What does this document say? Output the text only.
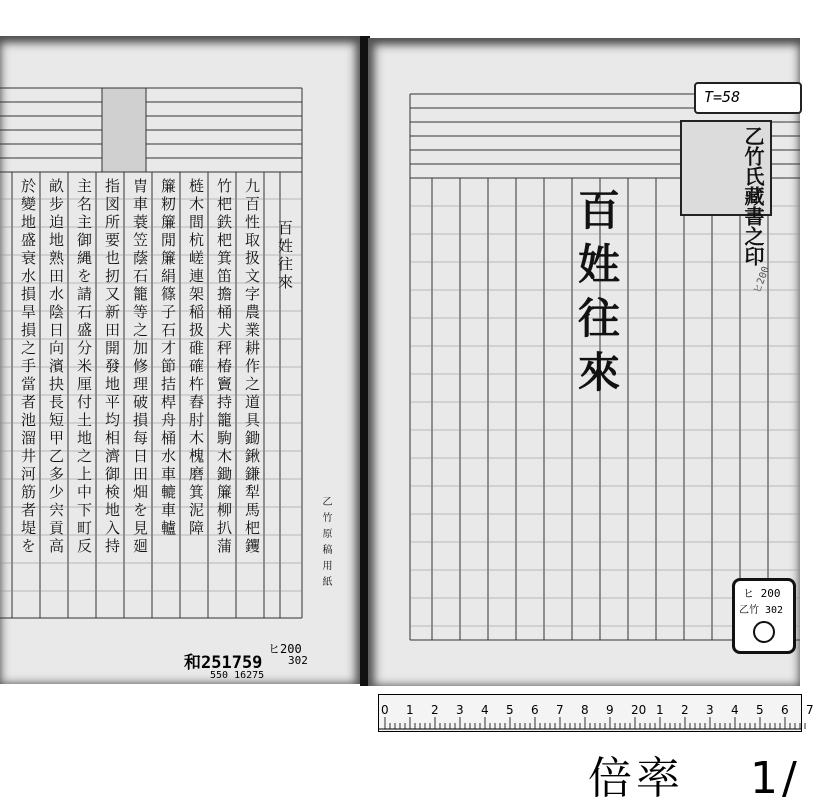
百姓往來
九百性取扱文字農業耕作之道具鋤鍬鎌犁馬杷钁
竹杷鉄杷箕笛擔桶犬秤椿竇持籠駒木鋤簾柳扒蒲
梿木間杭嵯連架稲扱碓確杵舂肘木槐磨箕泥障
簾籾簾閒簾絹篠子石才節拮桿舟桶水車轆車轤
胄車蓑笠蔭石籠等之加修理破損每日田畑を見廻
指図所要也扨又新田開發地平均相濟御検地入持
主名主御縄を請石盛分米厘付土地之上中下町反
畝步迫地熟田水陰日向濱抉長短甲乙多少宍貢高
於變地盛衰水損旱損之手當者池溜井河筋者堤を	乙竹原稿用紙
和251759
ヒ200
302
550 16275
T=58
乙竹氏藏書之印
百姓往來	ヒ200
ヒ 200
乙竹 302
0 1 2 3 4 5 6 7 8 9 20 1 2 3 4 5 6 7
倍率 1/
